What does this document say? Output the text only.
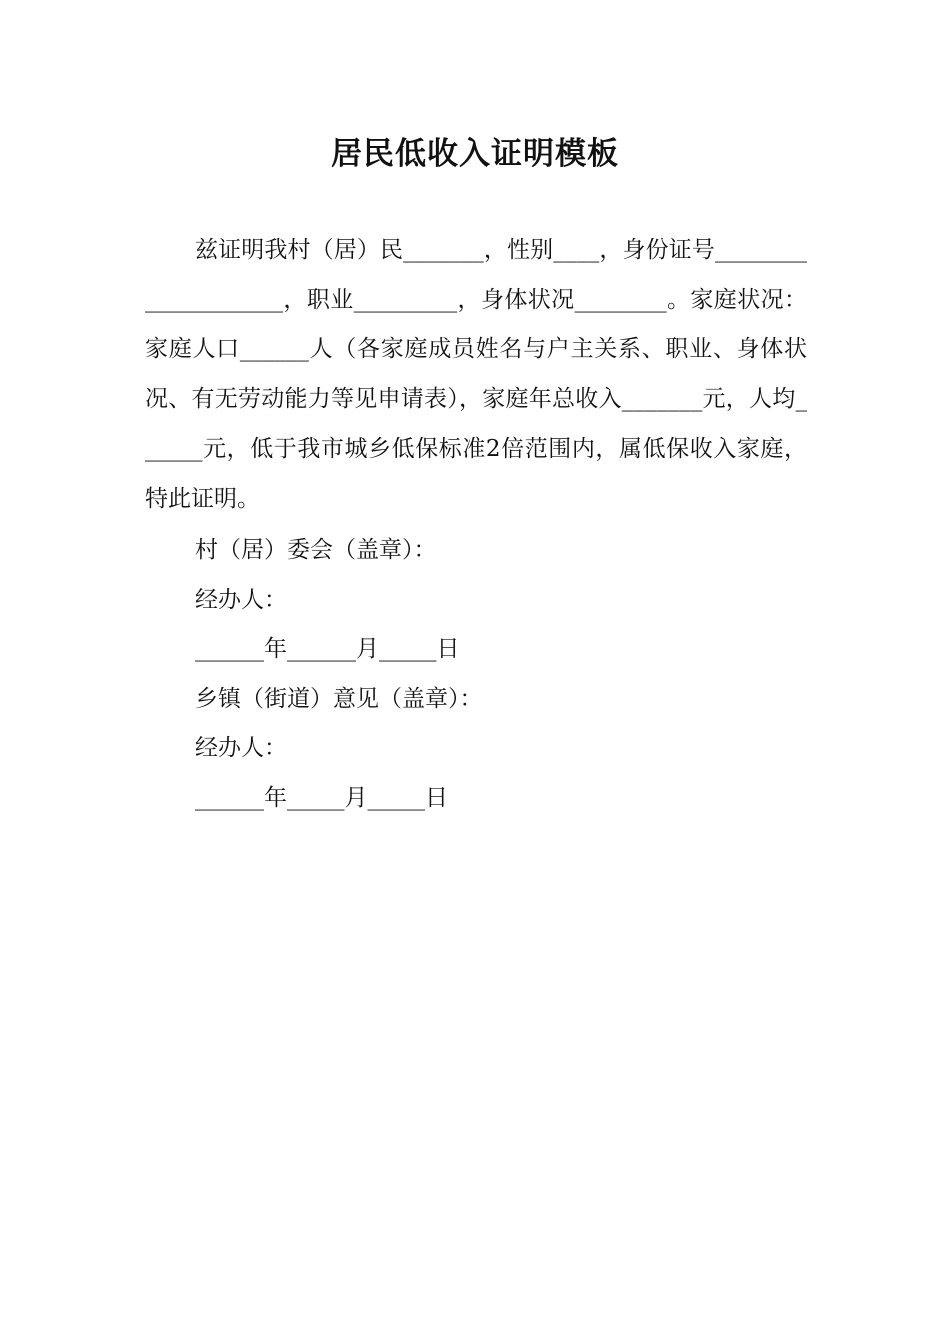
居民低收入证明模板

兹证明我村（居）民_______，性别____，身份证号____________________，职业_________，身体状况________。家庭状况：家庭人口______人（各家庭成员姓名与户主关系、职业、身体状况、有无劳动能力等见申请表），家庭年总收入_______元，人均______元，低于我市城乡低保标准2倍范围内，属低保收入家庭，特此证明。

村（居）委会（盖章）：

经办人：

______年______月_____日

乡镇（街道）意见（盖章）：

经办人：

______年_____月_____日
